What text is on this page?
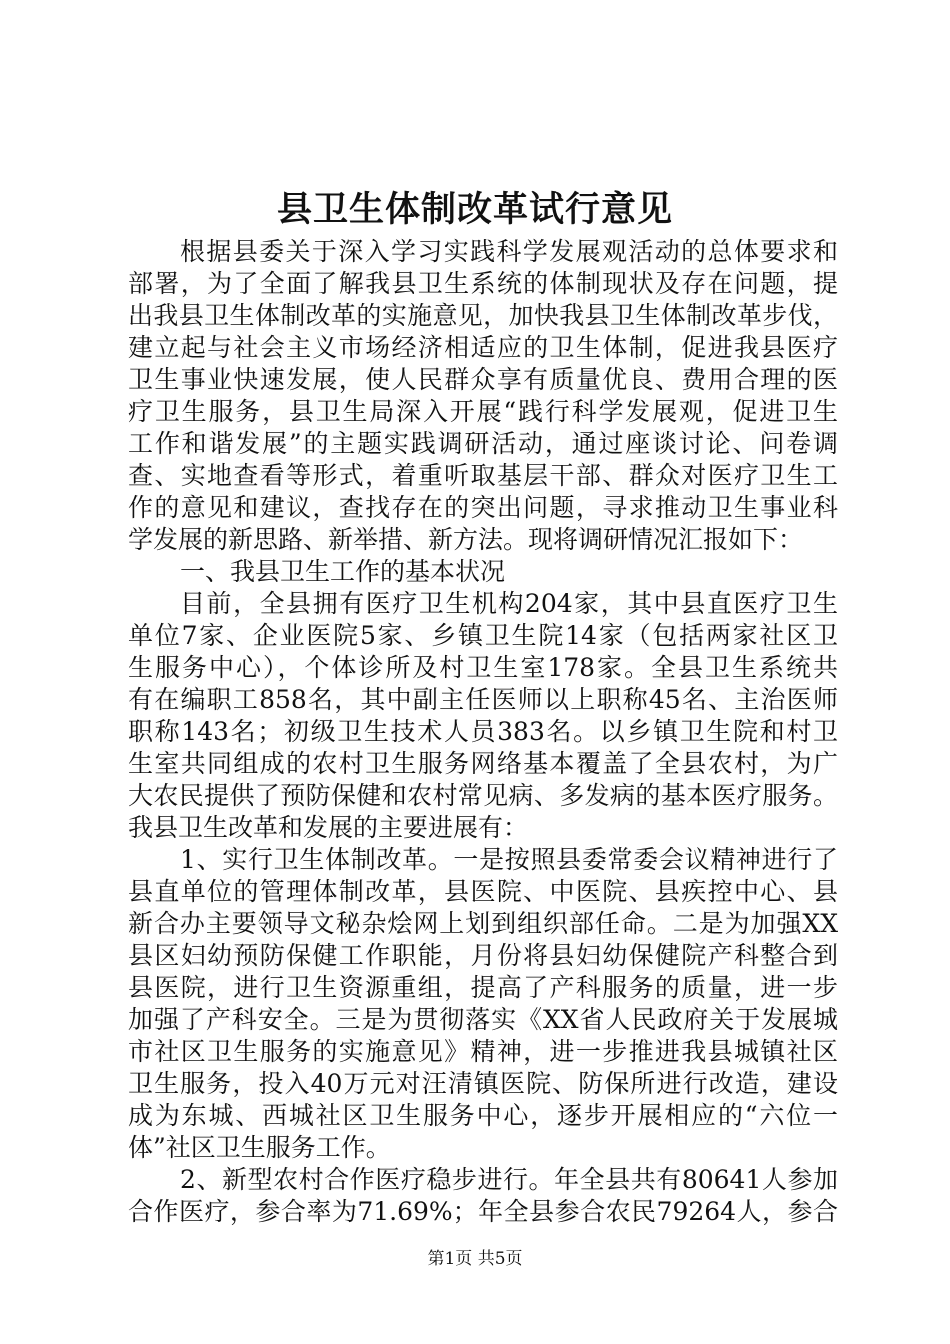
县卫生体制改革试行意见
根据县委关于深入学习实践科学发展观活动的总体要求和
部署，为了全面了解我县卫生系统的体制现状及存在问题，提
出我县卫生体制改革的实施意见，加快我县卫生体制改革步伐，
建立起与社会主义市场经济相适应的卫生体制，促进我县医疗
卫生事业快速发展，使人民群众享有质量优良、费用合理的医
疗卫生服务，县卫生局深入开展“践行科学发展观，促进卫生
工作和谐发展”的主题实践调研活动，通过座谈讨论、问卷调
查、实地查看等形式，着重听取基层干部、群众对医疗卫生工
作的意见和建议，查找存在的突出问题，寻求推动卫生事业科
学发展的新思路、新举措、新方法。现将调研情况汇报如下：
一、我县卫生工作的基本状况
目前，全县拥有医疗卫生机构204家，其中县直医疗卫生
单位7家、企业医院5家、乡镇卫生院14家（包括两家社区卫
生服务中心），个体诊所及村卫生室178家。全县卫生系统共
有在编职工858名，其中副主任医师以上职称45名、主治医师
职称143名；初级卫生技术人员383名。以乡镇卫生院和村卫
生室共同组成的农村卫生服务网络基本覆盖了全县农村，为广
大农民提供了预防保健和农村常见病、多发病的基本医疗服务。
我县卫生改革和发展的主要进展有：
1、实行卫生体制改革。一是按照县委常委会议精神进行了
县直单位的管理体制改革，县医院、中医院、县疾控中心、县
新合办主要领导文秘杂烩网上划到组织部任命。二是为加强XX
县区妇幼预防保健工作职能，月份将县妇幼保健院产科整合到
县医院，进行卫生资源重组，提高了产科服务的质量，进一步
加强了产科安全。三是为贯彻落实《XX省人民政府关于发展城
市社区卫生服务的实施意见》精神，进一步推进我县城镇社区
卫生服务，投入40万元对汪清镇医院、防保所进行改造，建设
成为东城、西城社区卫生服务中心，逐步开展相应的“六位一
体”社区卫生服务工作。
2、新型农村合作医疗稳步进行。年全县共有80641人参加
合作医疗，参合率为71.69%；年全县参合农民79264人，参合
第1页 共5页
